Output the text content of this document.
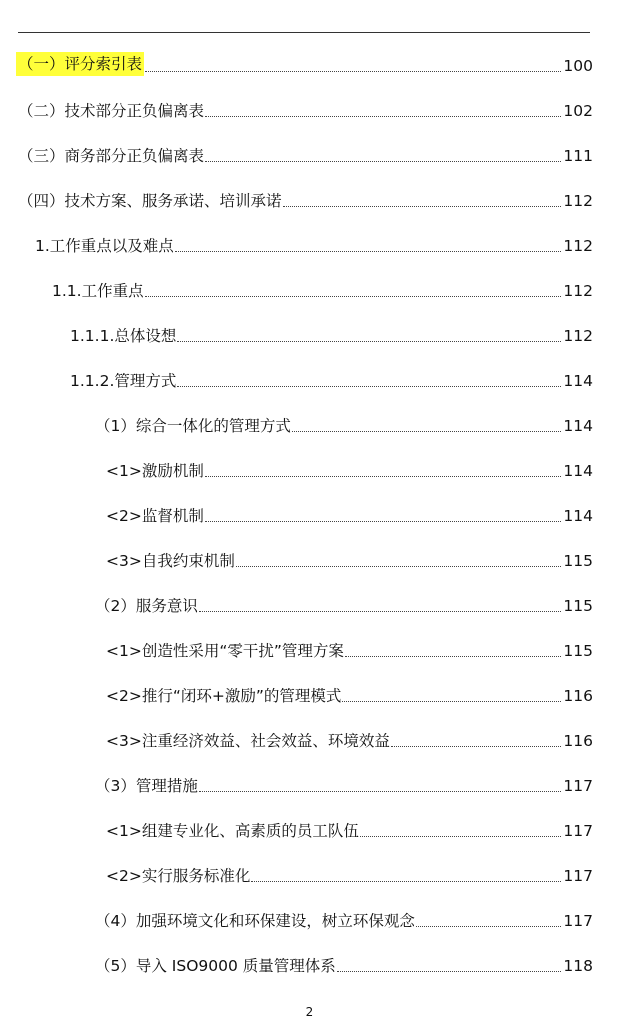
（一）评分索引表	100
（二）技术部分正负偏离表	102
（三）商务部分正负偏离表	111
（四）技术方案、服务承诺、培训承诺	112
1.工作重点以及难点	112
1.1.工作重点	112
1.1.1.总体设想	112
1.1.2.管理方式	114
（1）综合一体化的管理方式	114
<1>激励机制	114
<2>监督机制	114
<3>自我约束机制	115
（2）服务意识	115
<1>创造性采用“零干扰”管理方案	115
<2>推行“闭环+激励”的管理模式	116
<3>注重经济效益、社会效益、环境效益	116
（3）管理措施	117
<1>组建专业化、高素质的员工队伍	117
<2>实行服务标准化	117
（4）加强环境文化和环保建设，树立环保观念	117
（5）导入 ISO9000 质量管理体系	118
2
